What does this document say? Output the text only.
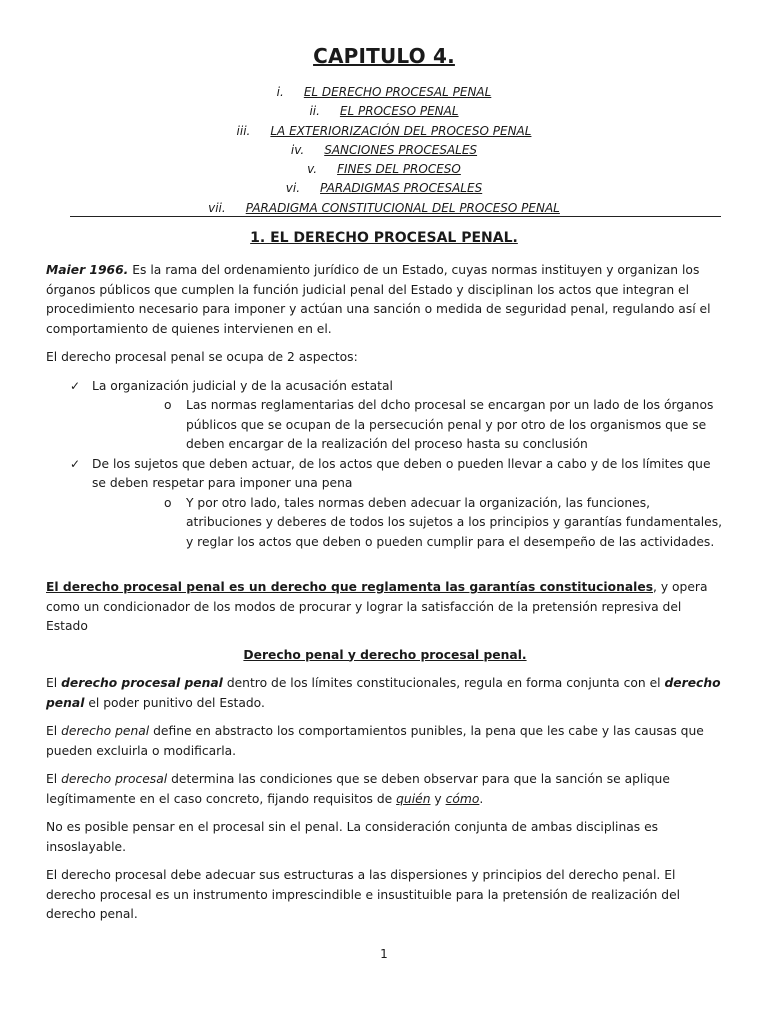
CAPITULO 4.
i. EL DERECHO PROCESAL PENAL
ii. EL PROCESO PENAL
iii. LA EXTERIORIZACIÓN DEL PROCESO PENAL
iv. SANCIONES PROCESALES
v. FINES DEL PROCESO
vi. PARADIGMAS PROCESALES
vii. PARADIGMA CONSTITUCIONAL DEL PROCESO PENAL
1. EL DERECHO PROCESAL PENAL.

Maier 1966. Es la rama del ordenamiento jurídico de un Estado, cuyas normas instituyen y organizan los órganos públicos que cumplen la función judicial penal del Estado y disciplinan los actos que integran el procedimiento necesario para imponer y actúan una sanción o medida de seguridad penal, regulando así el comportamiento de quienes intervienen en el.

El derecho procesal penal se ocupa de 2 aspectos:

✓ La organización judicial y de la acusación estatal
o Las normas reglamentarias del dcho procesal se encargan por un lado de los órganos públicos que se ocupan de la persecución penal y por otro de los organismos que se deben encargar de la realización del proceso hasta su conclusión
✓ De los sujetos que deben actuar, de los actos que deben o pueden llevar a cabo y de los límites que se deben respetar para imponer una pena
o Y por otro lado, tales normas deben adecuar la organización, las funciones, atribuciones y deberes de todos los sujetos a los principios y garantías fundamentales, y reglar los actos que deben o pueden cumplir para el desempeño de las actividades.

El derecho procesal penal es un derecho que reglamenta las garantías constitucionales, y opera como un condicionador de los modos de procurar y lograr la satisfacción de la pretensión represiva del Estado

Derecho penal y derecho procesal penal.

El derecho procesal penal dentro de los límites constitucionales, regula en forma conjunta con el derecho penal el poder punitivo del Estado.

El derecho penal define en abstracto los comportamientos punibles, la pena que les cabe y las causas que pueden excluirla o modificarla.

El derecho procesal determina las condiciones que se deben observar para que la sanción se aplique legítimamente en el caso concreto, fijando requisitos de quién y cómo.

No es posible pensar en el procesal sin el penal. La consideración conjunta de ambas disciplinas es insoslayable.

El derecho procesal debe adecuar sus estructuras a las dispersiones y principios del derecho penal. El derecho procesal es un instrumento imprescindible e insustituible para la pretensión de realización del derecho penal.

1
